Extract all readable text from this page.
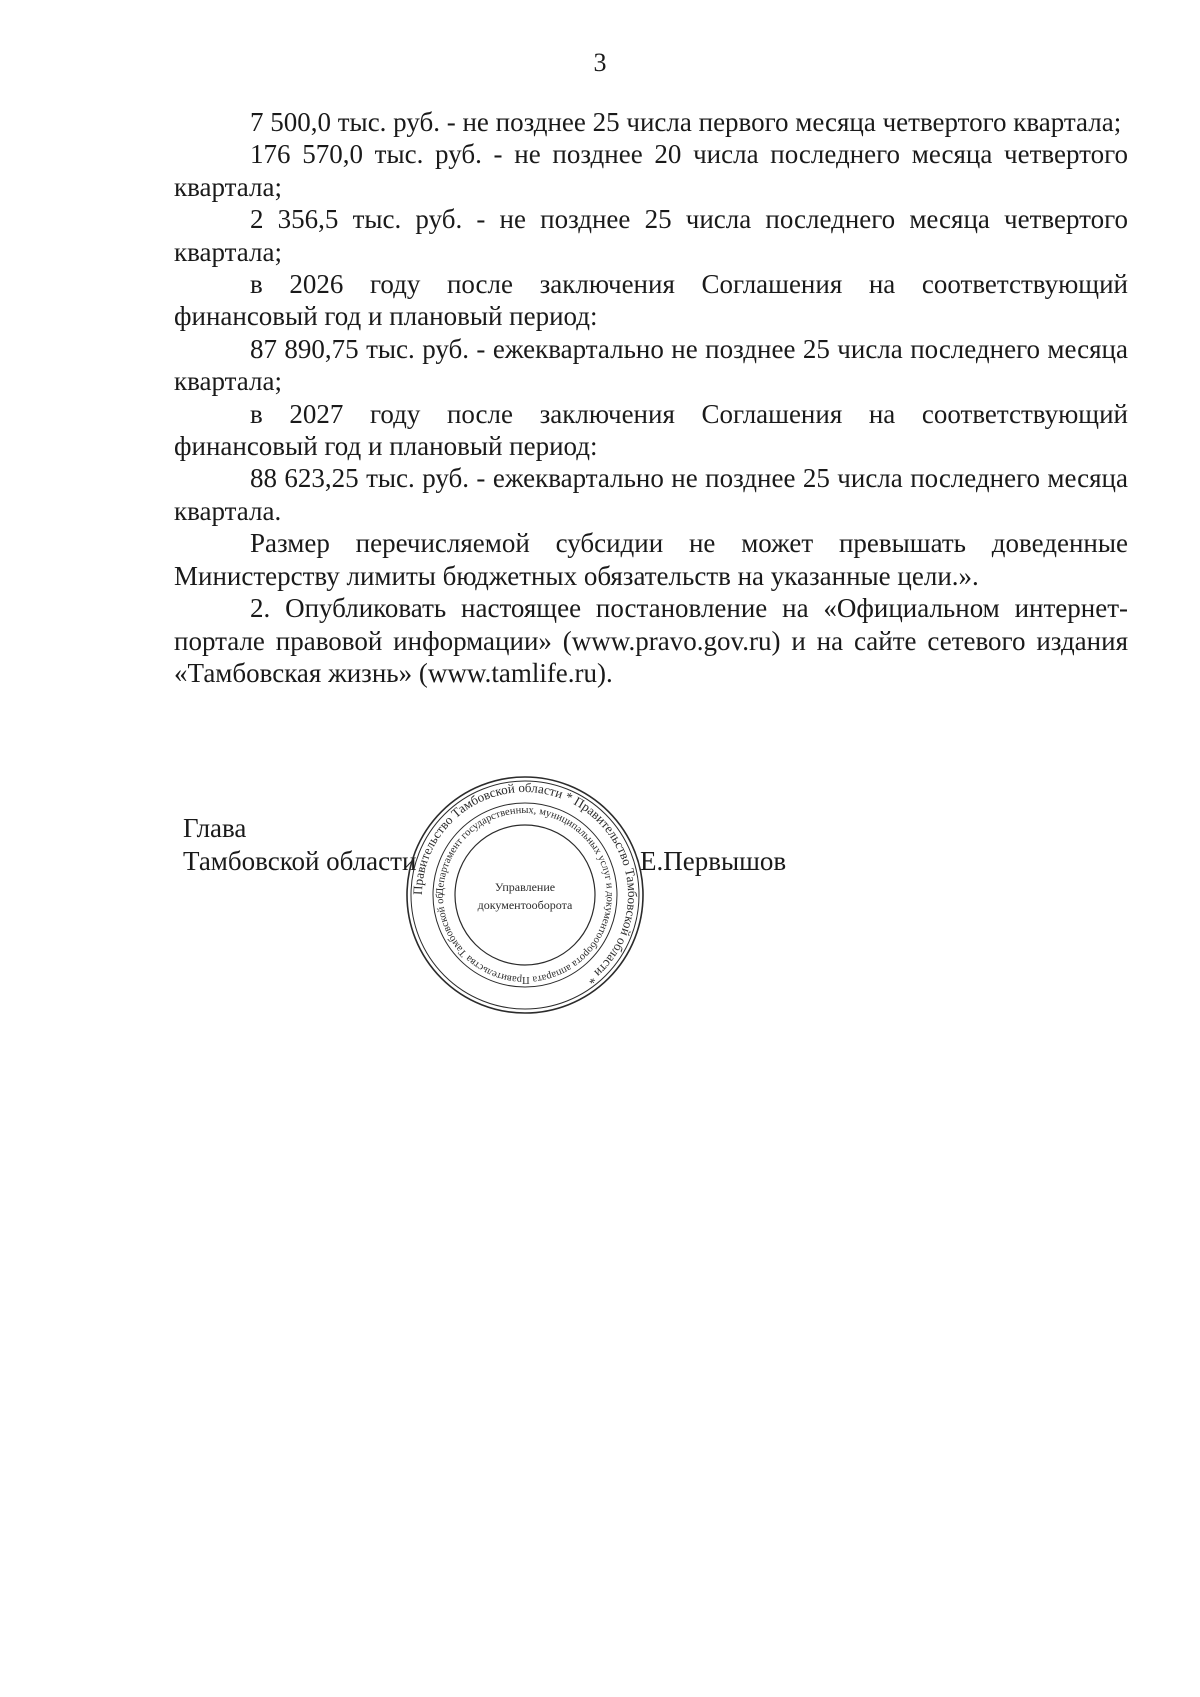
3

7 500,0 тыс. руб. - не позднее 25 числа первого месяца четвертого квартала;

176 570,0 тыс. руб. - не позднее 20 числа последнего месяца четвертого квартала;

2 356,5 тыс. руб. - не позднее 25 числа последнего месяца четвертого квартала;

в 2026 году после заключения Соглашения на соответствующий финансовый год и плановый период:

87 890,75 тыс. руб. - ежеквартально не позднее 25 числа последнего месяца квартала;

в 2027 году после заключения Соглашения на соответствующий финансовый год и плановый период:

88 623,25 тыс. руб. - ежеквартально не позднее 25 числа последнего месяца квартала.

Размер перечисляемой субсидии не может превышать доведенные Министерству лимиты бюджетных обязательств на указанные цели.».

2. Опубликовать настоящее постановление на «Официальном интернет-портале правовой информации» (www.pravo.gov.ru) и на сайте сетевого издания «Тамбовская жизнь» (www.tamlife.ru).

Глава
Тамбовской области	Е.Первышов
Правительство Тамбовской области * Правительство Тамбовской области *
Департамент государственных, муниципальных услуг и документооборота аппарата Правительства Тамбовской об
Управление
документооборота
